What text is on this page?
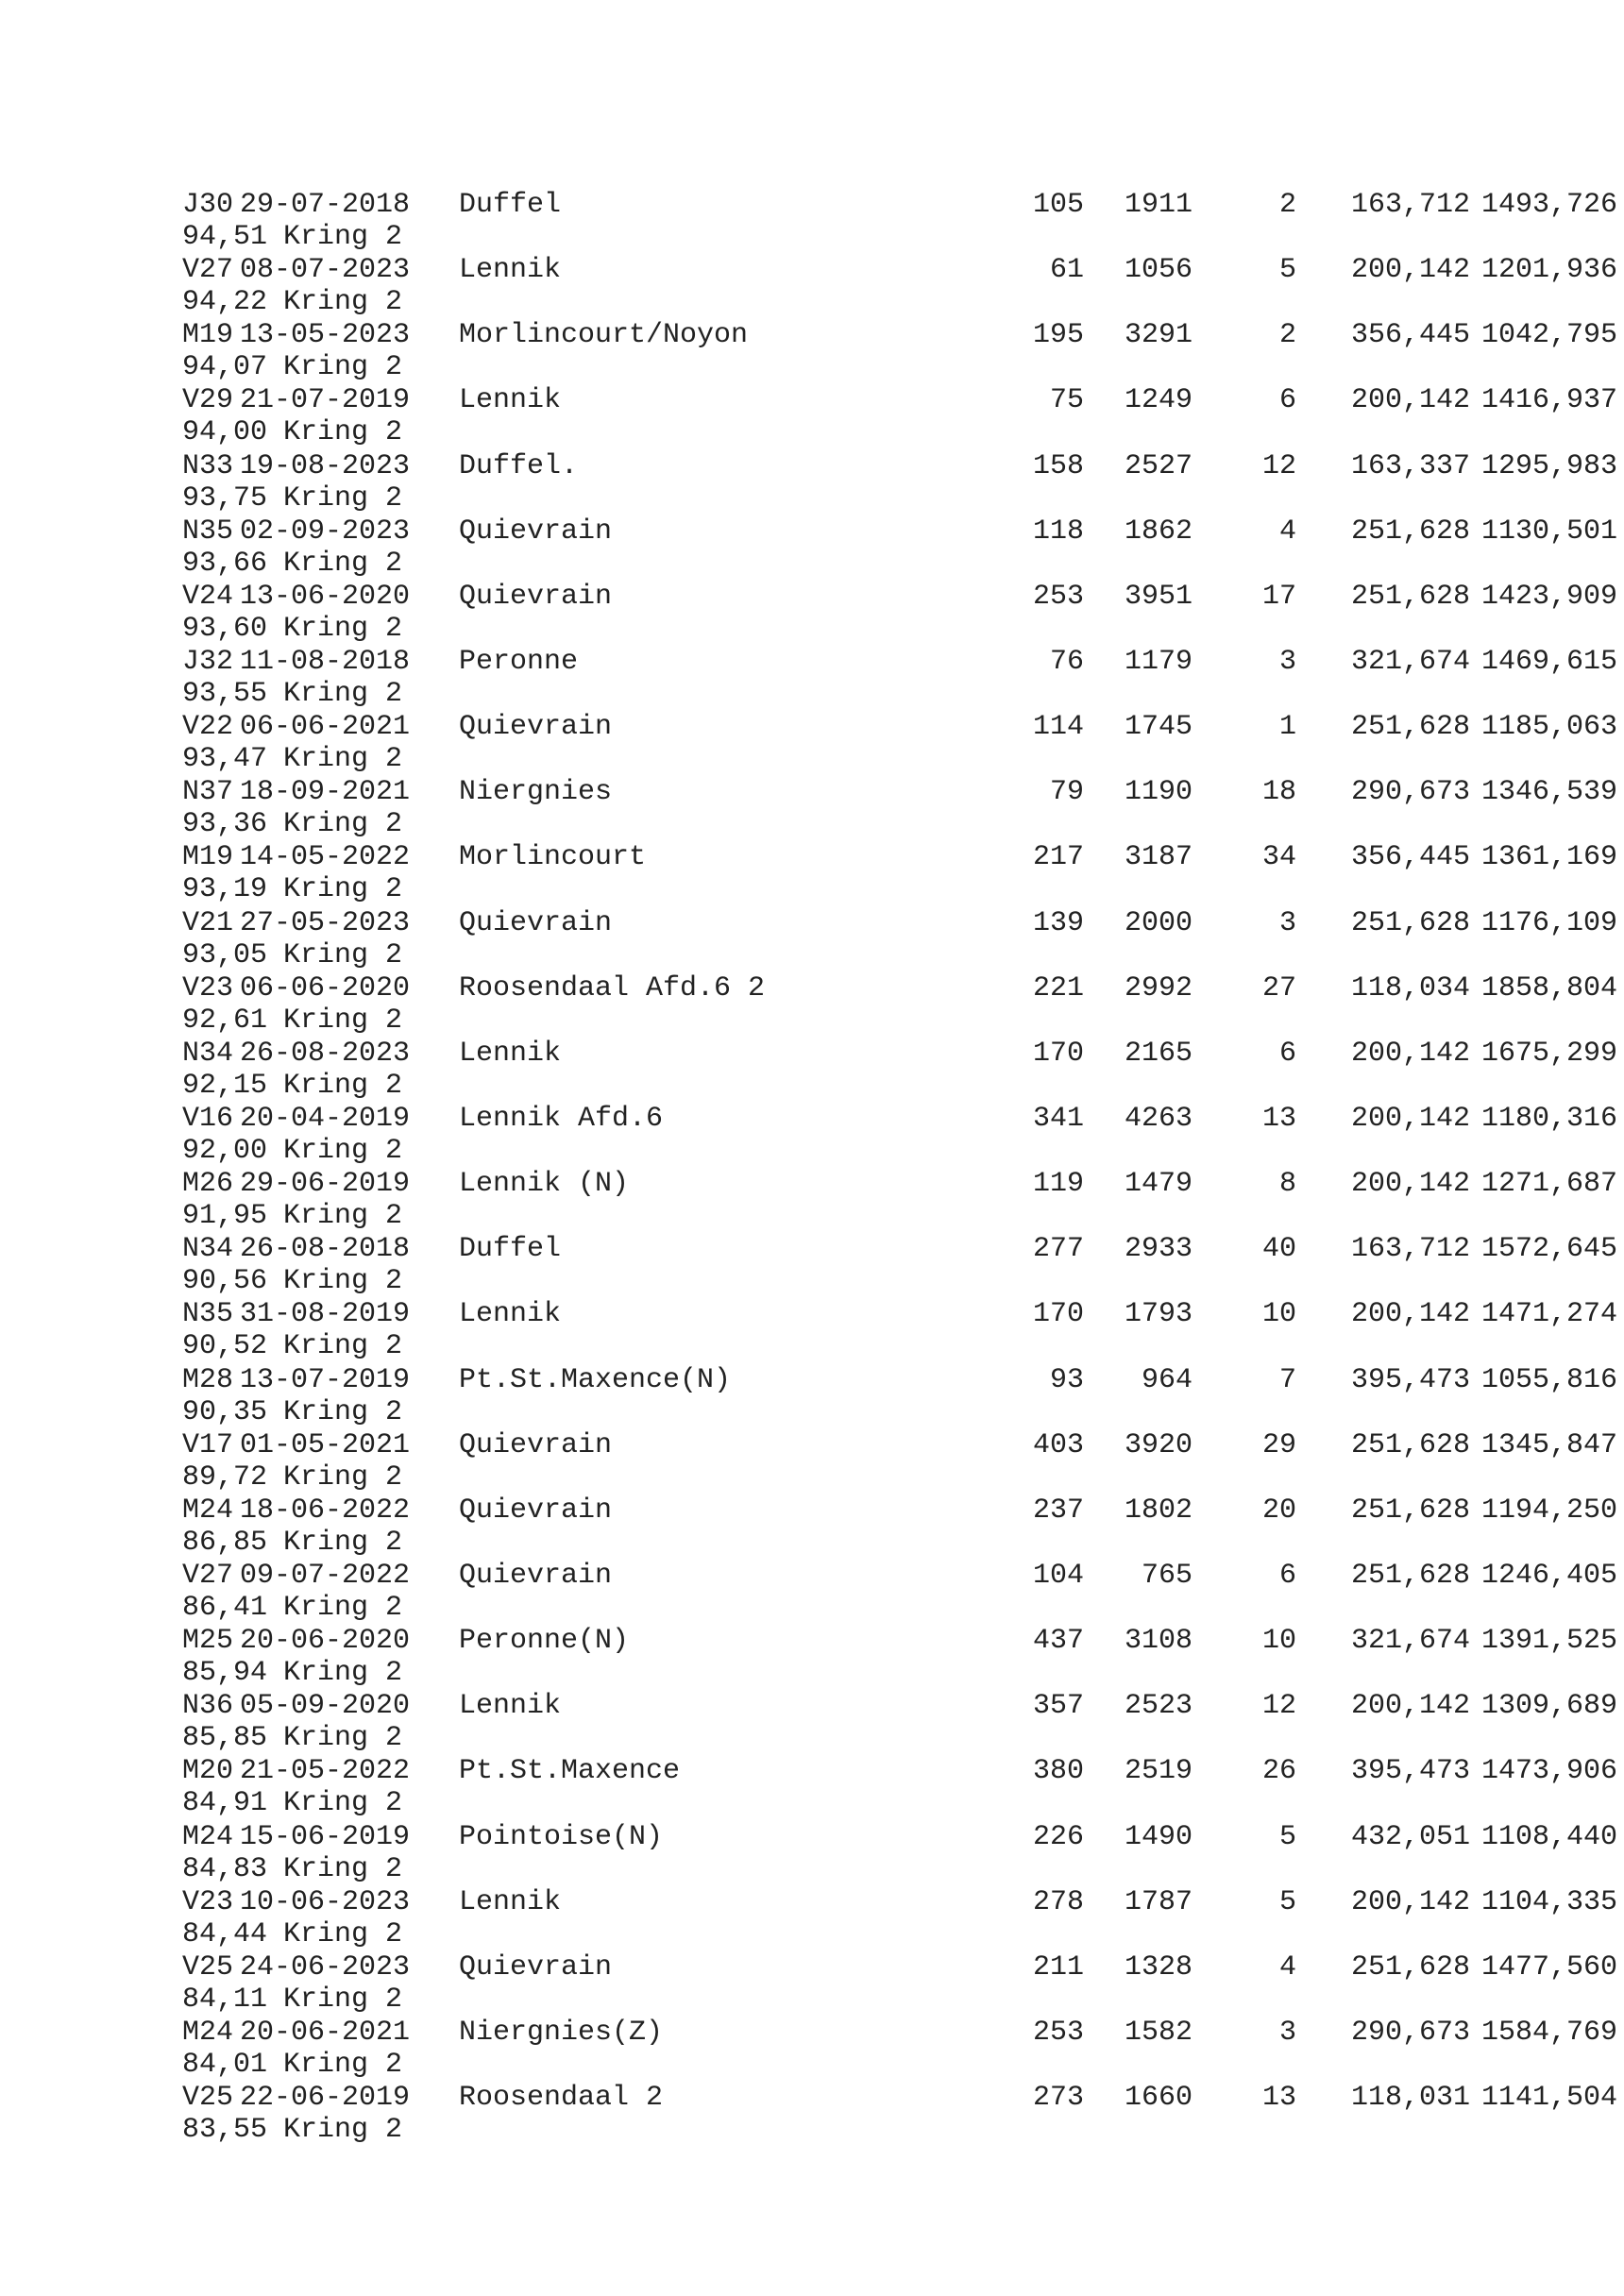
J30 29-07-2018 Duffel	105	1911	2	163,712 1493,726
94,51 Kring 2
V27 08-07-2023 Lennik	61	1056	5	200,142 1201,936
94,22 Kring 2
M19 13-05-2023 Morlincourt/Noyon	195	3291	2	356,445 1042,795
94,07 Kring 2
V29 21-07-2019 Lennik	75	1249	6	200,142 1416,937
94,00 Kring 2
N33 19-08-2023 Duffel.	158	2527	12	163,337 1295,983
93,75 Kring 2
N35 02-09-2023 Quievrain	118	1862	4	251,628 1130,501
93,66 Kring 2
V24 13-06-2020 Quievrain	253	3951	17	251,628 1423,909
93,60 Kring 2
J32 11-08-2018 Peronne	76	1179	3	321,674 1469,615
93,55 Kring 2
V22 06-06-2021 Quievrain	114	1745	1	251,628 1185,063
93,47 Kring 2
N37 18-09-2021 Niergnies	79	1190	18	290,673 1346,539
93,36 Kring 2
M19 14-05-2022 Morlincourt	217	3187	34	356,445 1361,169
93,19 Kring 2
V21 27-05-2023 Quievrain	139	2000	3	251,628 1176,109
93,05 Kring 2
V23 06-06-2020 Roosendaal Afd.6 2	221	2992	27	118,034 1858,804
92,61 Kring 2
N34 26-08-2023 Lennik	170	2165	6	200,142 1675,299
92,15 Kring 2
V16 20-04-2019 Lennik Afd.6	341	4263	13	200,142 1180,316
92,00 Kring 2
M26 29-06-2019 Lennik (N)	119	1479	8	200,142 1271,687
91,95 Kring 2
N34 26-08-2018 Duffel	277	2933	40	163,712 1572,645
90,56 Kring 2
N35 31-08-2019 Lennik	170	1793	10	200,142 1471,274
90,52 Kring 2
M28 13-07-2019 Pt.St.Maxence(N)	93	964	7	395,473 1055,816
90,35 Kring 2
V17 01-05-2021 Quievrain	403	3920	29	251,628 1345,847
89,72 Kring 2
M24 18-06-2022 Quievrain	237	1802	20	251,628 1194,250
86,85 Kring 2
V27 09-07-2022 Quievrain	104	765	6	251,628 1246,405
86,41 Kring 2
M25 20-06-2020 Peronne(N)	437	3108	10	321,674 1391,525
85,94 Kring 2
N36 05-09-2020 Lennik	357	2523	12	200,142 1309,689
85,85 Kring 2
M20 21-05-2022 Pt.St.Maxence	380	2519	26	395,473 1473,906
84,91 Kring 2
M24 15-06-2019 Pointoise(N)	226	1490	5	432,051 1108,440
84,83 Kring 2
V23 10-06-2023 Lennik	278	1787	5	200,142 1104,335
84,44 Kring 2
V25 24-06-2023 Quievrain	211	1328	4	251,628 1477,560
84,11 Kring 2
M24 20-06-2021 Niergnies(Z)	253	1582	3	290,673 1584,769
84,01 Kring 2
V25 22-06-2019 Roosendaal 2	273	1660	13	118,031 1141,504
83,55 Kring 2
